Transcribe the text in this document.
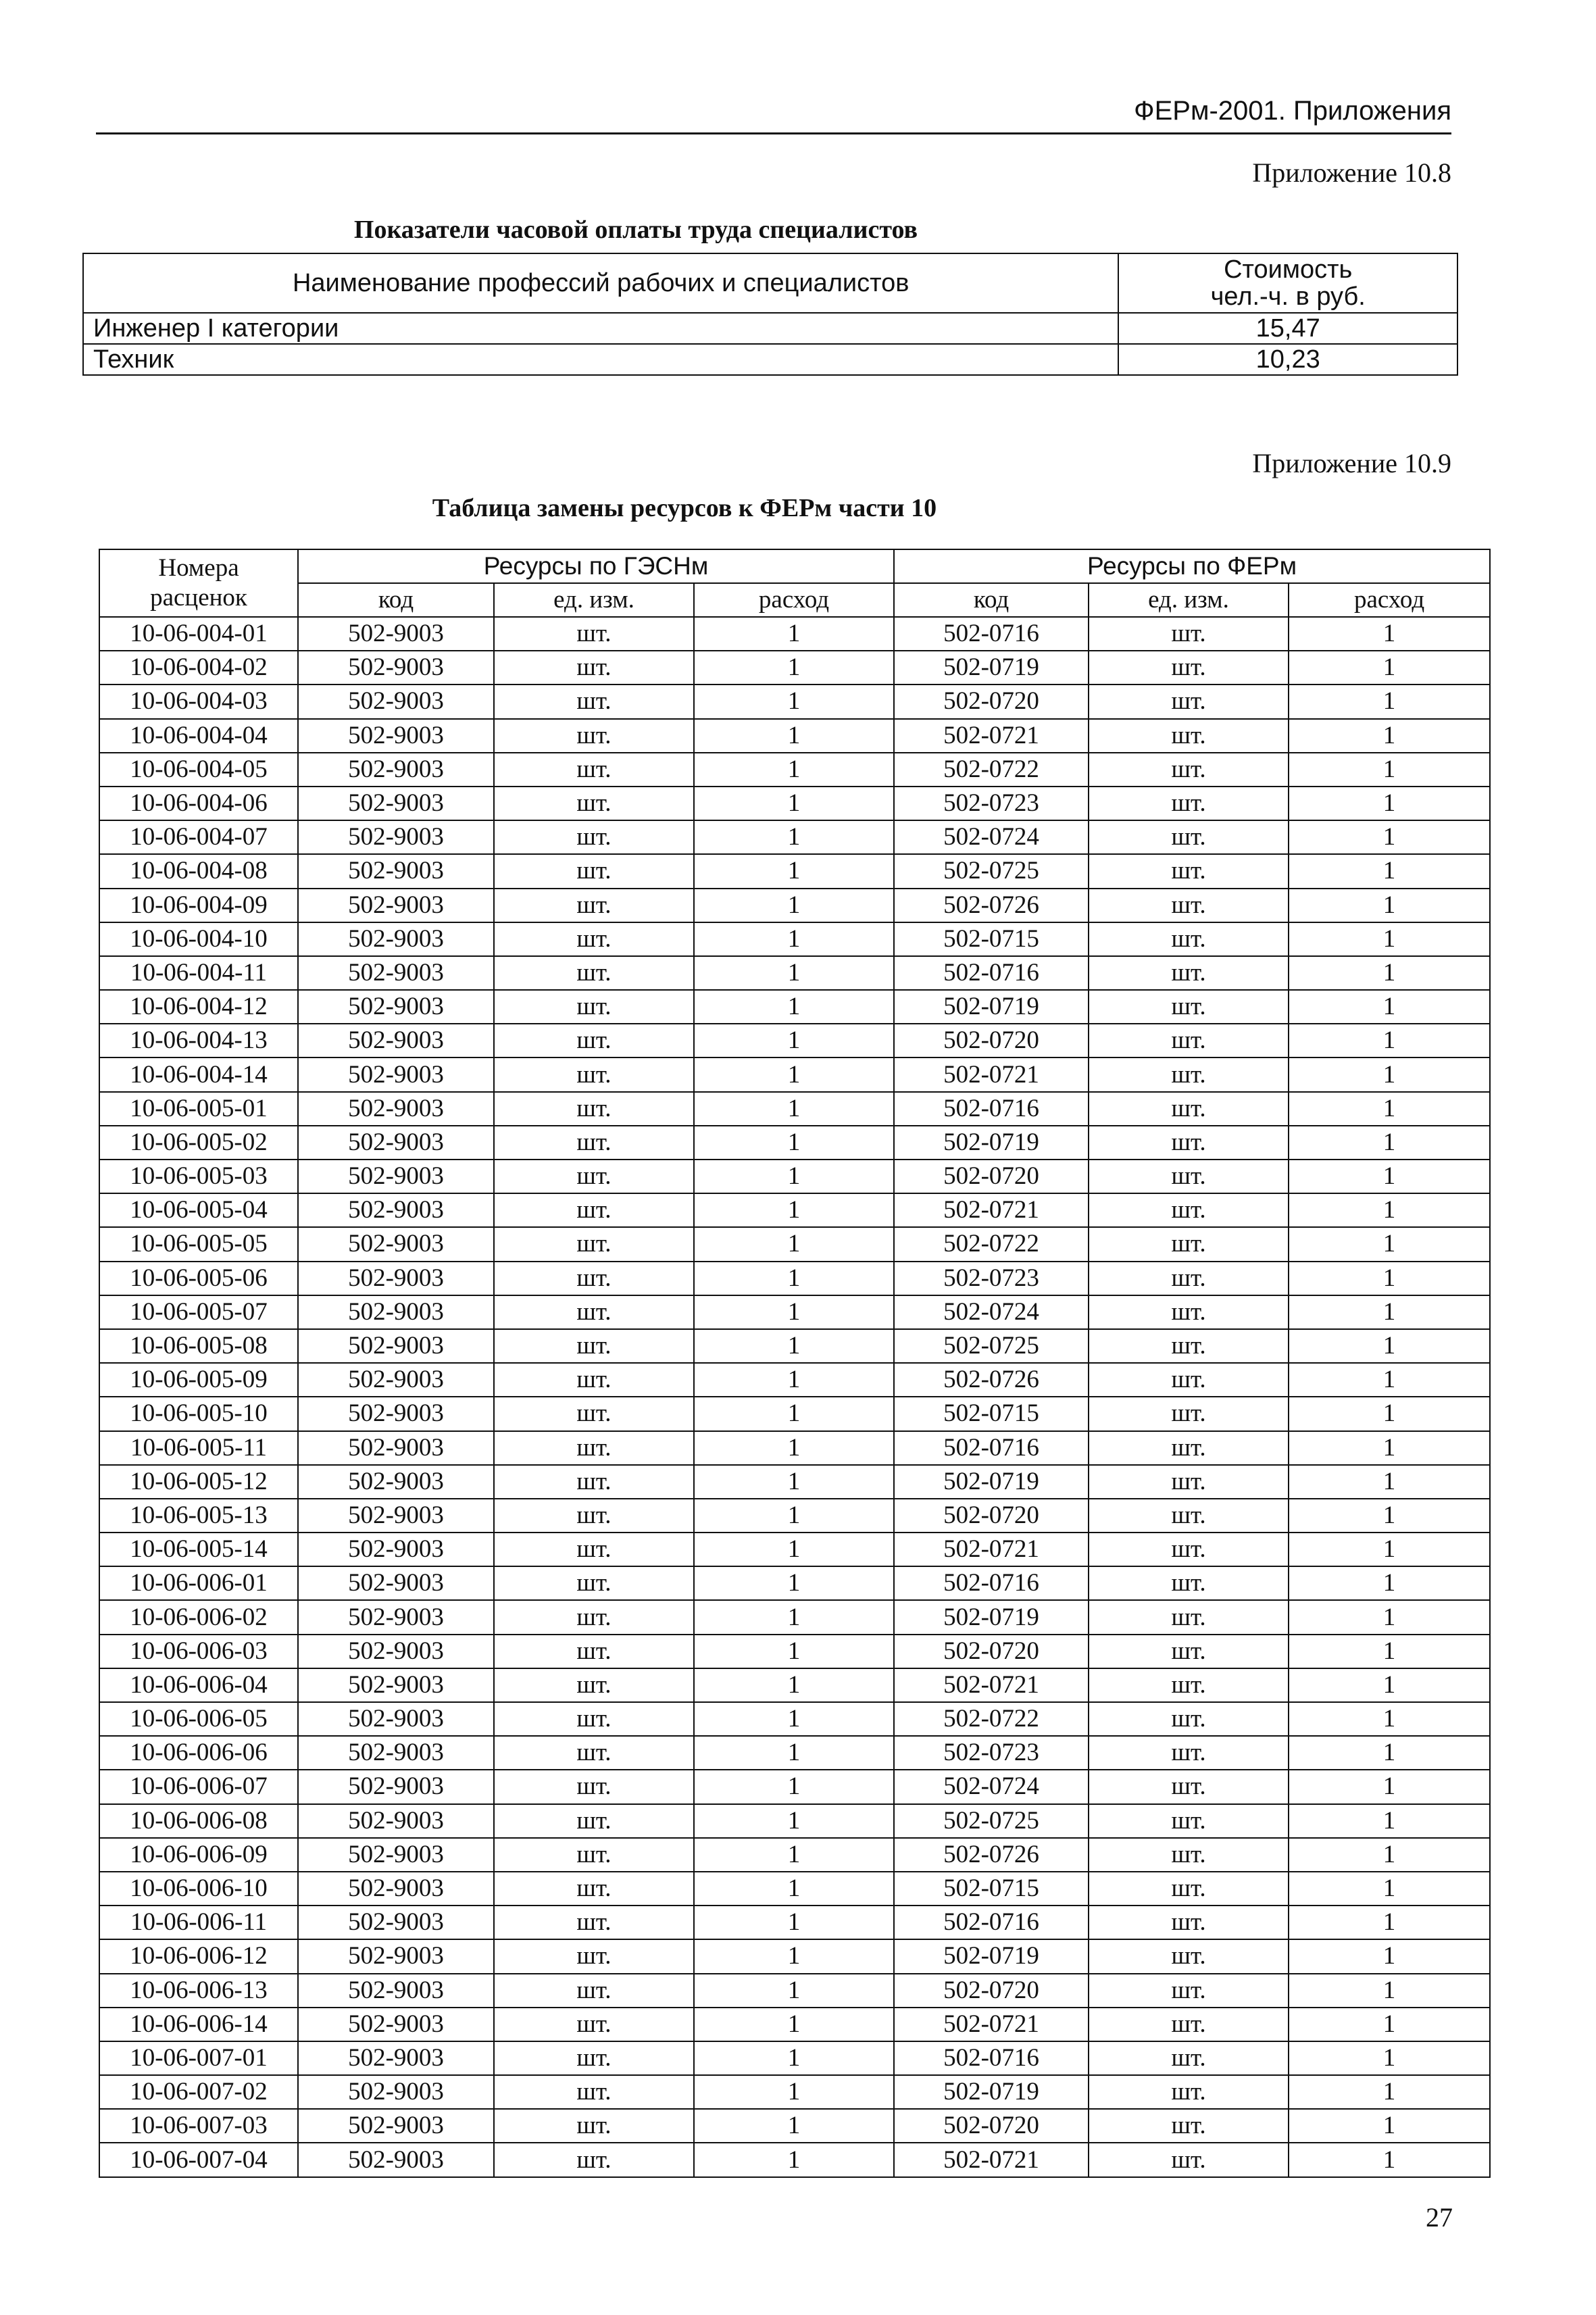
ФЕРм-2001. Приложения
Приложение 10.8
Показатели часовой оплаты труда специалистов
Наименование профессий рабочих и специалистов	Стоимость
чел.-ч. в руб.

Инженер I категории	15,47
Техник	10,23
Приложение 10.9
Таблица замены ресурсов к ФЕРм части 10
Номера
расценок	Ресурсы по ГЭСНм			Ресурсы по ФЕРм		
	код	ед. изм.	расход	код	ед. изм.	расход
10-06-004-01	502-9003	шт.	1	502-0716	шт.	1
10-06-004-02	502-9003	шт.	1	502-0719	шт.	1
10-06-004-03	502-9003	шт.	1	502-0720	шт.	1
10-06-004-04	502-9003	шт.	1	502-0721	шт.	1
10-06-004-05	502-9003	шт.	1	502-0722	шт.	1
10-06-004-06	502-9003	шт.	1	502-0723	шт.	1
10-06-004-07	502-9003	шт.	1	502-0724	шт.	1
10-06-004-08	502-9003	шт.	1	502-0725	шт.	1
10-06-004-09	502-9003	шт.	1	502-0726	шт.	1
10-06-004-10	502-9003	шт.	1	502-0715	шт.	1
10-06-004-11	502-9003	шт.	1	502-0716	шт.	1
10-06-004-12	502-9003	шт.	1	502-0719	шт.	1
10-06-004-13	502-9003	шт.	1	502-0720	шт.	1
10-06-004-14	502-9003	шт.	1	502-0721	шт.	1
10-06-005-01	502-9003	шт.	1	502-0716	шт.	1
10-06-005-02	502-9003	шт.	1	502-0719	шт.	1
10-06-005-03	502-9003	шт.	1	502-0720	шт.	1
10-06-005-04	502-9003	шт.	1	502-0721	шт.	1
10-06-005-05	502-9003	шт.	1	502-0722	шт.	1
10-06-005-06	502-9003	шт.	1	502-0723	шт.	1
10-06-005-07	502-9003	шт.	1	502-0724	шт.	1
10-06-005-08	502-9003	шт.	1	502-0725	шт.	1
10-06-005-09	502-9003	шт.	1	502-0726	шт.	1
10-06-005-10	502-9003	шт.	1	502-0715	шт.	1
10-06-005-11	502-9003	шт.	1	502-0716	шт.	1
10-06-005-12	502-9003	шт.	1	502-0719	шт.	1
10-06-005-13	502-9003	шт.	1	502-0720	шт.	1
10-06-005-14	502-9003	шт.	1	502-0721	шт.	1
10-06-006-01	502-9003	шт.	1	502-0716	шт.	1
10-06-006-02	502-9003	шт.	1	502-0719	шт.	1
10-06-006-03	502-9003	шт.	1	502-0720	шт.	1
10-06-006-04	502-9003	шт.	1	502-0721	шт.	1
10-06-006-05	502-9003	шт.	1	502-0722	шт.	1
10-06-006-06	502-9003	шт.	1	502-0723	шт.	1
10-06-006-07	502-9003	шт.	1	502-0724	шт.	1
10-06-006-08	502-9003	шт.	1	502-0725	шт.	1
10-06-006-09	502-9003	шт.	1	502-0726	шт.	1
10-06-006-10	502-9003	шт.	1	502-0715	шт.	1
10-06-006-11	502-9003	шт.	1	502-0716	шт.	1
10-06-006-12	502-9003	шт.	1	502-0719	шт.	1
10-06-006-13	502-9003	шт.	1	502-0720	шт.	1
10-06-006-14	502-9003	шт.	1	502-0721	шт.	1
10-06-007-01	502-9003	шт.	1	502-0716	шт.	1
10-06-007-02	502-9003	шт.	1	502-0719	шт.	1
10-06-007-03	502-9003	шт.	1	502-0720	шт.	1
10-06-007-04	502-9003	шт.	1	502-0721	шт.	1
27
